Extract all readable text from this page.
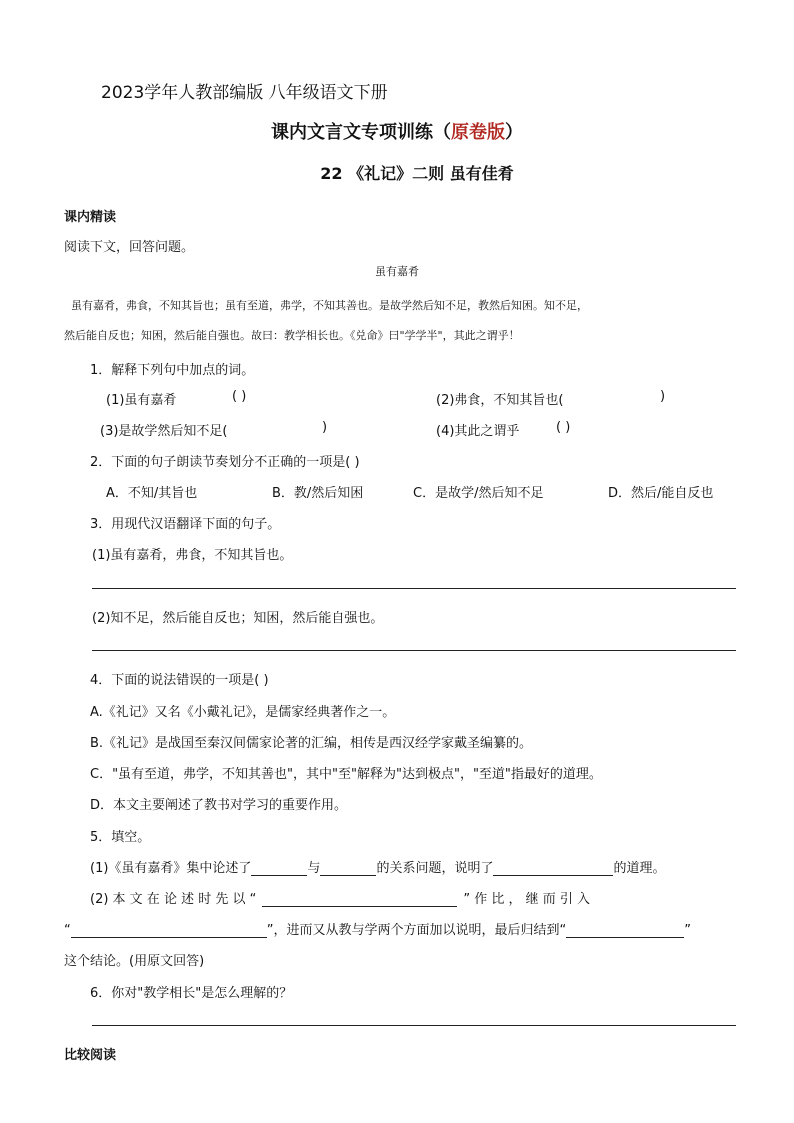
2023学年人教部编版 八年级语文下册
课内文言文专项训练（原卷版）
22 《礼记》二则 虽有佳肴
课内精读
阅读下文，回答问题。
虽有嘉肴
虽有嘉肴，弗食，不知其旨也；虽有至道，弗学，不知其善也。是故学然后知不足，教然后知困。知不足，
然后能自反也；知困，然后能自强也。故曰：教学相长也。《兑命》曰"学学半"，其此之谓乎！
1．解释下列句中加点的词。
(1)虽有嘉肴	( )	(2)弗食，不知其旨也(	)
(3)是故学然后知不足(	)	(4)其此之谓乎	( )
2．下面的句子朗读节奏划分不正确的一项是( )
A．不知/其旨也	B．教/然后知困	C．是故学/然后知不足	D．然后/能自反也
3．用现代汉语翻译下面的句子。
(1)虽有嘉肴，弗食，不知其旨也。
(2)知不足，然后能自反也；知困，然后能自强也。
4．下面的说法错误的一项是( )
A.《礼记》又名《小戴礼记》，是儒家经典著作之一。
B.《礼记》是战国至秦汉间儒家论著的汇编，相传是西汉经学家戴圣编纂的。
C．"虽有至道，弗学，不知其善也"，其中"至"解释为"达到极点"，"至道"指最好的道理。
D．本文主要阐述了教书对学习的重要作用。
5．填空。
(1)《虽有嘉肴》集中论述了	与	的关系问题，说明了	的道理。
(2) 本 文 在 论 述 时 先 以 “	” 作 比 ， 继 而 引 入
“	”，进而又从教与学两个方面加以说明，最后归结到“	”
这个结论。(用原文回答)
6．你对"教学相长"是怎么理解的？
比较阅读
